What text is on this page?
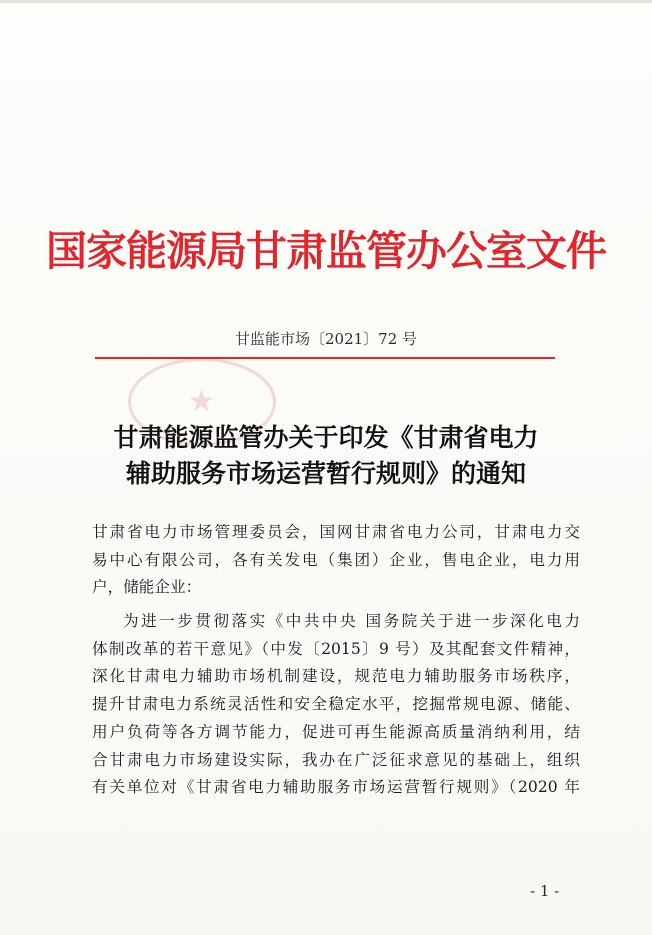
国家能源局甘肃监管办公室文件
甘监能市场〔2021〕72 号
★
甘肃能源监管办关于印发《甘肃省电力
辅助服务市场运营暂行规则》的通知
甘肃省电力市场管理委员会，国网甘肃省电力公司，甘肃电力交
易中心有限公司，各有关发电（集团）企业，售电企业，电力用
户，储能企业：
为进一步贯彻落实《中共中央 国务院关于进一步深化电力
体制改革的若干意见》（中发〔2015〕9 号）及其配套文件精神，
深化甘肃电力辅助市场机制建设，规范电力辅助服务市场秩序，
提升甘肃电力系统灵活性和安全稳定水平，挖掘常规电源、储能、
用户负荷等各方调节能力，促进可再生能源高质量消纳利用，结
合甘肃电力市场建设实际，我办在广泛征求意见的基础上，组织
有关单位对《甘肃省电力辅助服务市场运营暂行规则》（2020 年
- 1 -
